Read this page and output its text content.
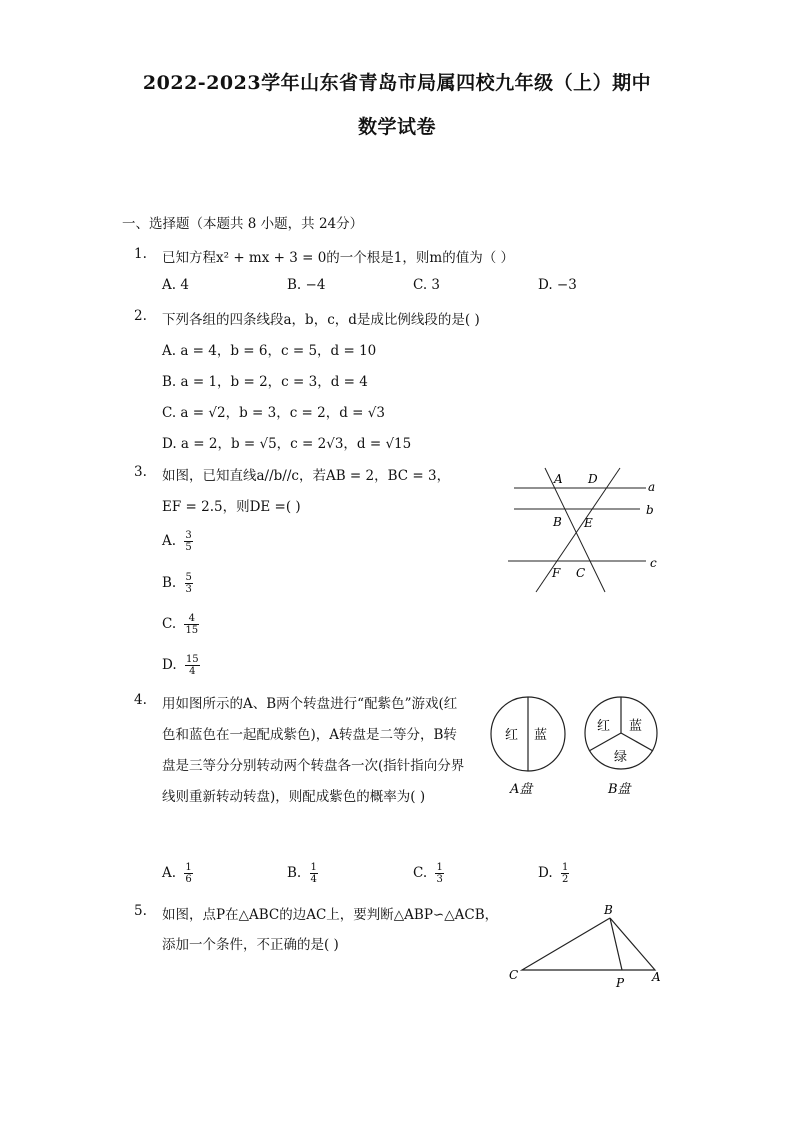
2022-2023学年山东省青岛市局属四校九年级（上）期中
数学试卷
一、选择题（本题共 8 小题，共 24分）
1. 已知方程x² + mx + 3 = 0的一个根是1，则m的值为（ ）
A. 4	B. −4	C. 3	D. −3
2. 下列各组的四条线段a，b，c，d是成比例线段的是( )
A. a = 4，b = 6，c = 5，d = 10
B. a = 1，b = 2，c = 3，d = 4
C. a = √2，b = 3，c = 2，d = √3
D. a = 2，b = √5，c = 2√3，d = √15
3. 如图，已知直线a//b//c，若AB = 2，BC = 3，
EF = 2.5，则DE =( )
A. $\frac{3}{5}$
B. $\frac{5}{3}$
C. $\frac{4}{15}$
D. $\frac{15}{4}$
A D
B E
F C
a
b
c
4. 用如图所示的A、B两个转盘进行“配紫色”游戏(红
色和蓝色在一起配成紫色)，A转盘是二等分，B转
盘是三等分分别转动两个转盘各一次(指针指向分界
线则重新转动转盘)，则配成紫色的概率为( )
红 蓝
A盘
红 蓝
绿
B盘
A. $\frac{1}{6}$	B. $\frac{1}{4}$	C. $\frac{1}{3}$	D. $\frac{1}{2}$
5. 如图，点P在△ABC的边AC上，要判断△ABP∽△ACB，
添加一个条件，不正确的是( )
B
C
P A
